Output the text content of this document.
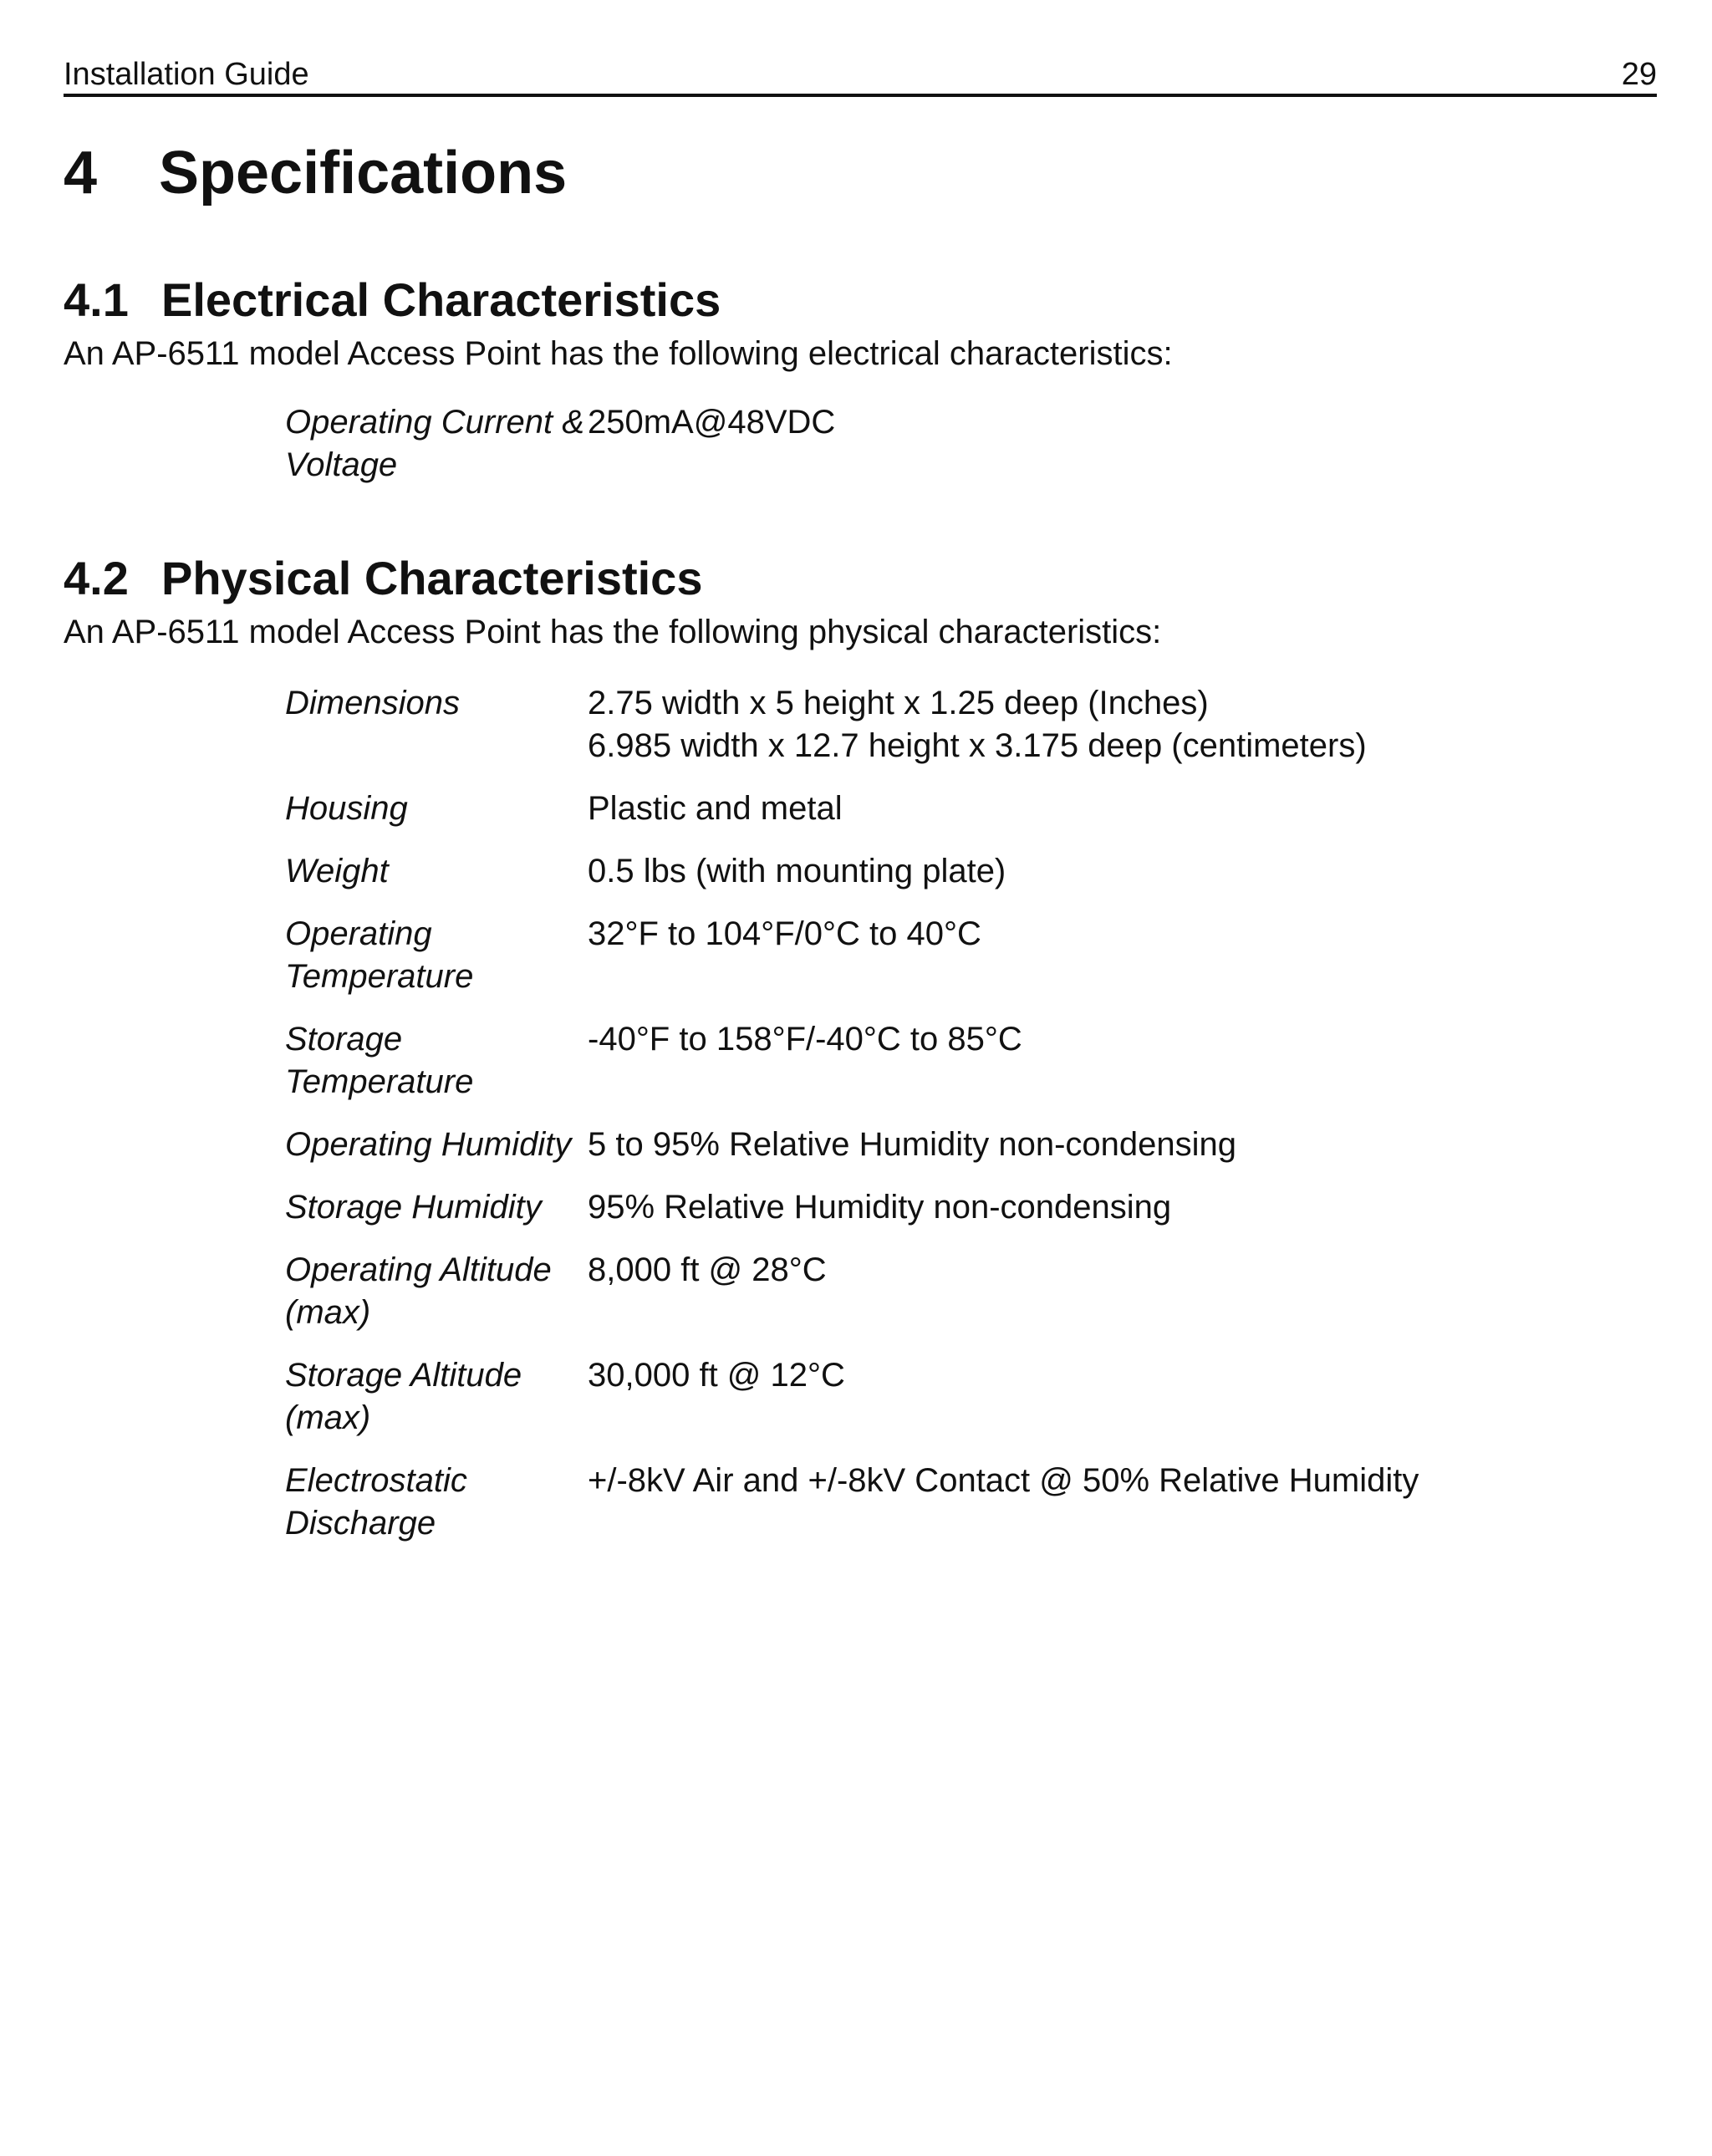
Installation Guide	29
4	Specifications
4.1 Electrical Characteristics

An AP-6511 model Access Point has the following electrical characteristics:

Operating Current &
Voltage	250mA@48VDC
4.2 Physical Characteristics

An AP-6511 model Access Point has the following physical characteristics:

Dimensions	2.75 width x 5 height x 1.25 deep (Inches)
6.985 width x 12.7 height x 3.175 deep (centimeters)
Housing	Plastic and metal
Weight	0.5 lbs (with mounting plate)
Operating
Temperature	32°F to 104°F/0°C to 40°C
Storage Temperature	-40°F to 158°F/-40°C to 85°C
Operating Humidity	5 to 95% Relative Humidity non-condensing
Storage Humidity	95% Relative Humidity non-condensing
Operating Altitude
(max)	8,000 ft @ 28°C
Storage Altitude
(max)	30,000 ft @ 12°C
Electrostatic
Discharge	+/-8kV Air and +/-8kV Contact @ 50% Relative Humidity
